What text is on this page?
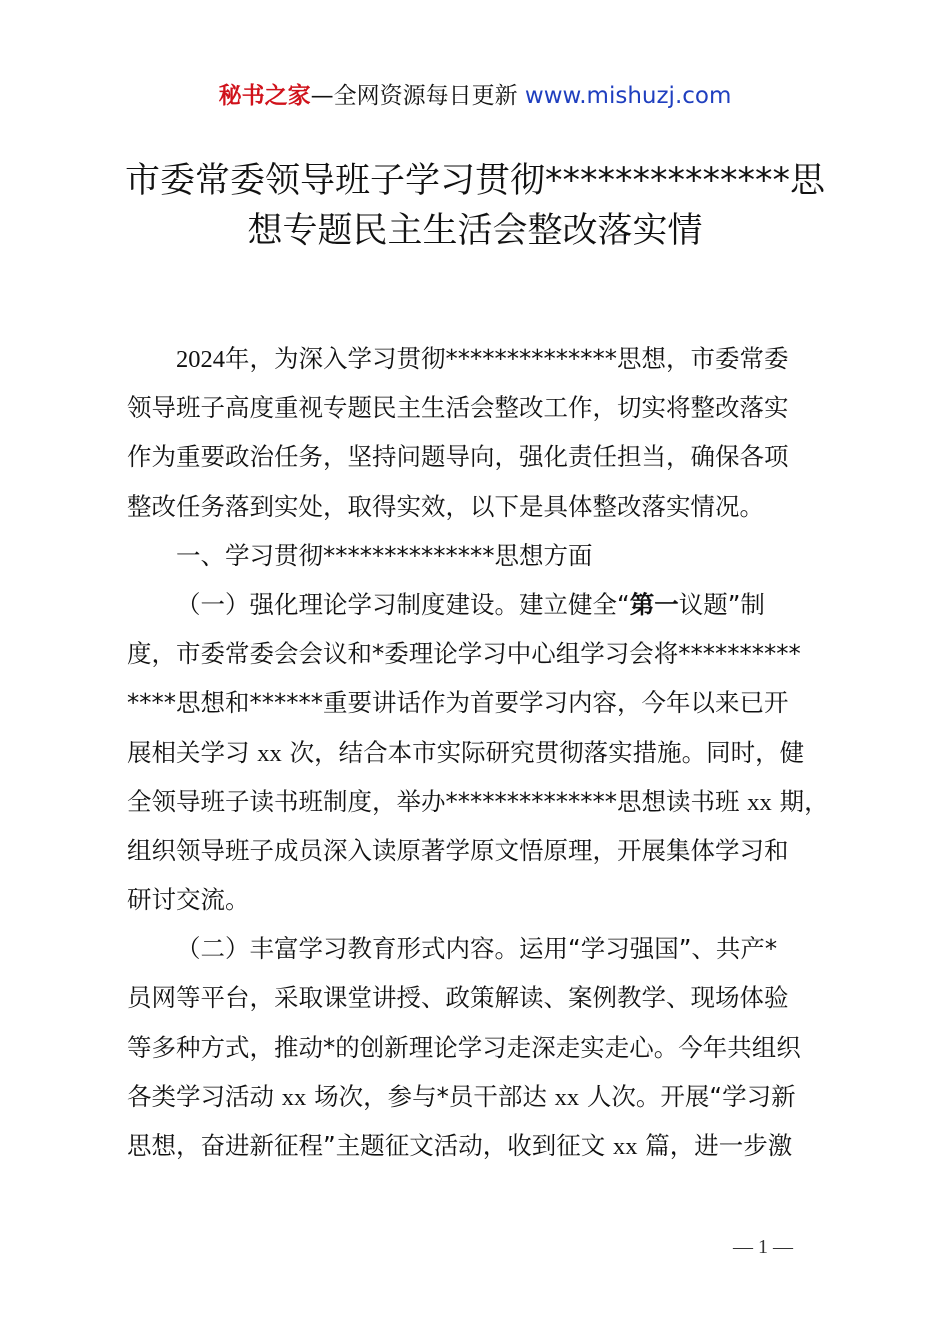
秘书之家—全网资源每日更新 www.mishuzj.com
市委常委领导班子学习贯彻**************思
想专题民主生活会整改落实情
2024年，为深入学习贯彻**************思想，市委常委
领导班子高度重视专题民主生活会整改工作，切实将整改落实
作为重要政治任务，坚持问题导向，强化责任担当，确保各项
整改任务落到实处，取得实效，以下是具体整改落实情况。
一、学习贯彻**************思想方面
（一）强化理论学习制度建设。建立健全“第一议题”制
度，市委常委会会议和*委理论学习中心组学习会将**********
****思想和******重要讲话作为首要学习内容，今年以来已开
展相关学习 xx 次，结合本市实际研究贯彻落实措施。同时，健
全领导班子读书班制度，举办**************思想读书班 xx 期，
组织领导班子成员深入读原著学原文悟原理，开展集体学习和
研讨交流。
（二）丰富学习教育形式内容。运用“学习强国”、共产*
员网等平台，采取课堂讲授、政策解读、案例教学、现场体验
等多种方式，推动*的创新理论学习走深走实走心。今年共组织
各类学习活动 xx 场次，参与*员干部达 xx 人次。开展“学习新
思想，奋进新征程”主题征文活动，收到征文 xx 篇，进一步激
— 1 —
